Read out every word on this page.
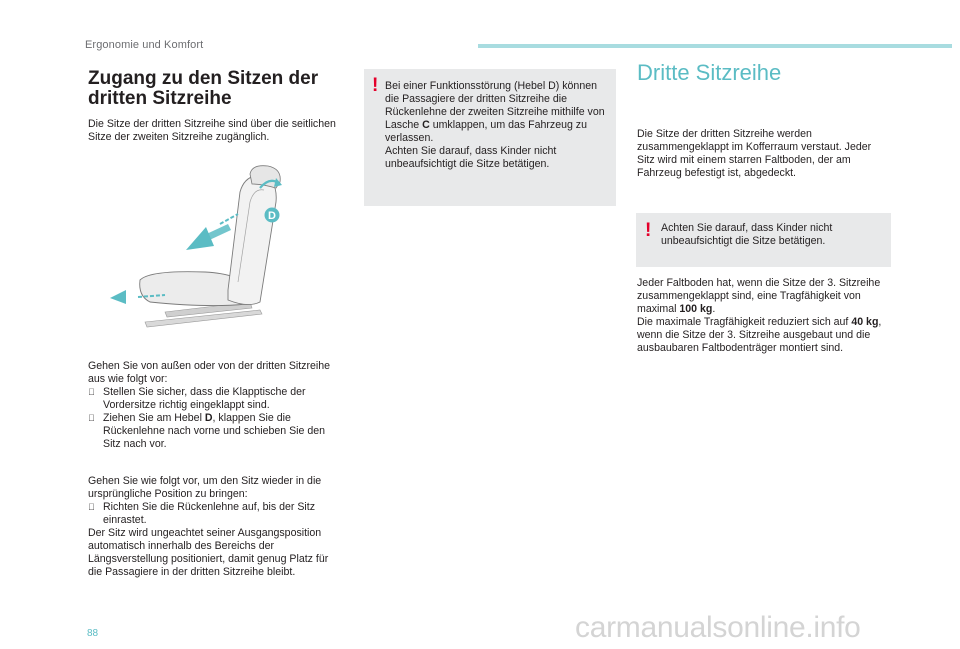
Ergonomie und Komfort
Zugang zu den Sitzen der dritten Sitzreihe
Die Sitze der dritten Sitzreihe sind über die seitlichen Sitze der zweiten Sitzreihe zugänglich.
D

Gehen Sie von außen oder von der dritten Sitzreihe aus wie folgt vor:

Stellen Sie sicher, dass die Klapptische der Vordersitze richtig eingeklappt sind.
Ziehen Sie am Hebel D, klappen Sie die Rückenlehne nach vorne und schieben Sie den Sitz nach vor.

Gehen Sie wie folgt vor, um den Sitz wieder in die ursprüngliche Position zu bringen:

Richten Sie die Rückenlehne auf, bis der Sitz einrastet.

Der Sitz wird ungeachtet seiner Ausgangsposition automatisch innerhalb des Bereichs der Längsverstellung positioniert, damit genug Platz für die Passagiere in der dritten Sitzreihe bleibt.

! Bei einer Funktionsstörung (Hebel D) können die Passagiere der dritten Sitzreihe die Rückenlehne der zweiten Sitzreihe mithilfe von Lasche C umklappen, um das Fahrzeug zu verlassen.

Achten Sie darauf, dass Kinder nicht unbeaufsichtigt die Sitze betätigen.

Dritte Sitzreihe
Die Sitze der dritten Sitzreihe werden zusammengeklappt im Kofferraum verstaut. Jeder Sitz wird mit einem starren Faltboden, der am Fahrzeug befestigt ist, abgedeckt.
! Achten Sie darauf, dass Kinder nicht unbeaufsichtigt die Sitze betätigen.

Jeder Faltboden hat, wenn die Sitze der 3. Sitzreihe zusammengeklappt sind, eine Tragfähigkeit von maximal 100 kg.

Die maximale Tragfähigkeit reduziert sich auf 40 kg, wenn die Sitze der 3. Sitzreihe ausgebaut und die ausbaubaren Faltbodenträger montiert sind.

88	carmanualsonline.info
